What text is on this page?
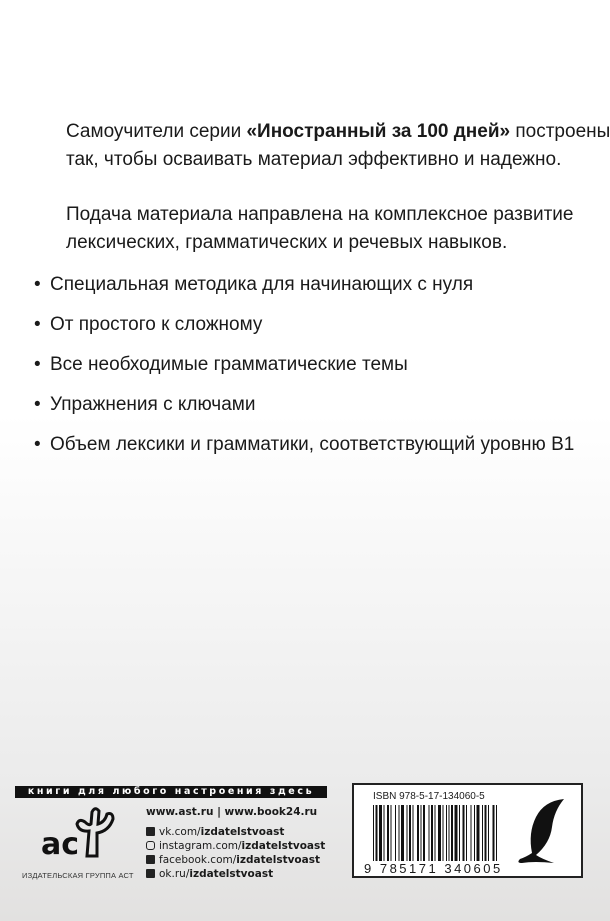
Самоучители серии «Иностранный за 100 дней» построены
так, чтобы осваивать материал эффективно и надежно.
Подача материала направлена на комплексное развитие
лексических, грамматических и речевых навыков.
• Специальная методика для начинающих с нуля
• От простого к сложному
• Все необходимые грамматические темы
• Упражнения с ключами
• Объем лексики и грамматики, соответствующий уровню B1
книги для любого настроения здесь
ас
ИЗДАТЕЛЬСКАЯ ГРУППА АСТ
www.ast.ru | www.book24.ru
vk.com/izdatelstvoast
instagram.com/izdatelstvoast
facebook.com/izdatelstvoast
ok.ru/izdatelstvoast
ISBN 978-5-17-134060-5
9 785171 340605
